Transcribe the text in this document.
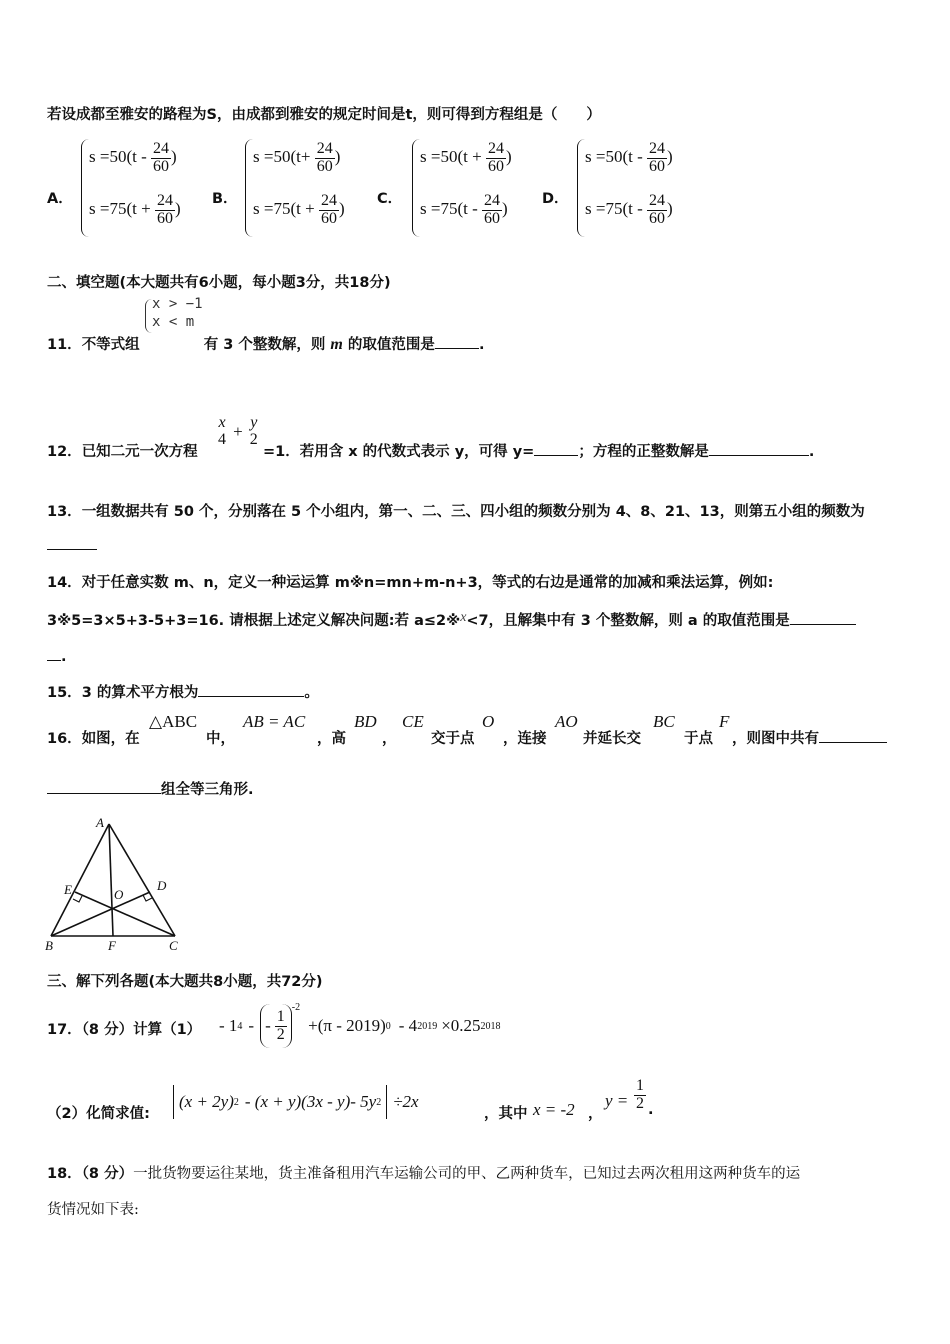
若设成都至雅安的路程为S，由成都到雅安的规定时间是t，则可得到方程组是（　　）
A．
$s =50(t - \frac{24}{60}$ )
$s =75(t + \frac{24}{60}$ )
B．
$s =50(t+ \frac{24}{60}$ )
$s =75(t + \frac{24}{60}$ )
C．
$s =50(t + \frac{24}{60}$ )
$s =75(t - \frac{24}{60}$ )
D．
$s =50(t - \frac{24}{60}$ )
$s =75(t - \frac{24}{60}$ )
二、填空题(本大题共有6小题，每小题3分，共18分)
x > −1
x < m
11．不等式组	有 3 个整数解，则 m 的取值范围是	.
12．已知二元一次方程
x
4 + y
2
=1．若用含 x 的代数式表示 y，可得 y=	；方程的正整数解是	.
13．一组数据共有 50 个，分别落在 5 个小组内，第一、二、三、四小组的频数分别为 4、8、21、13，则第五小组的频数为
14．对于任意实数 m、n，定义一种运运算 m※n=mn+m-n+3，等式的右边是通常的加减和乘法运算，例如:
3※5=3×5+3-5+3=16. 请根据上述定义解决问题:若 a≤2※x<7，且解集中有 3 个整数解，则 a 的取值范围是
.
15．3 的算术平方根为	。
16．如图，在
△ABC
中，
AB = AC
，高
BD
，
CE
交于点
O
，连接
AO
并延长交
BC
于点
F
，则图中共有
组全等三角形.
A
B	C
D
E
F
O
三、解下列各题(本大题共8小题，共72分)
17．（8 分）计算（1） - 1 4 - - $\frac{1}{2}$
-2
+(π - 2019) 0 - 4 2019 ×0.25 2018
（2）化简求值:
(x + 2y) 2 - (x + y)(3x - y)- 5y 2 ÷2x
，其中 x = -2 ，
$y = \frac{1}{2}$ .
18．（8 分）一批货物要运往某地，货主准备租用汽车运输公司的甲、乙两种货车，已知过去两次租用这两种货车的运
货情况如下表:
